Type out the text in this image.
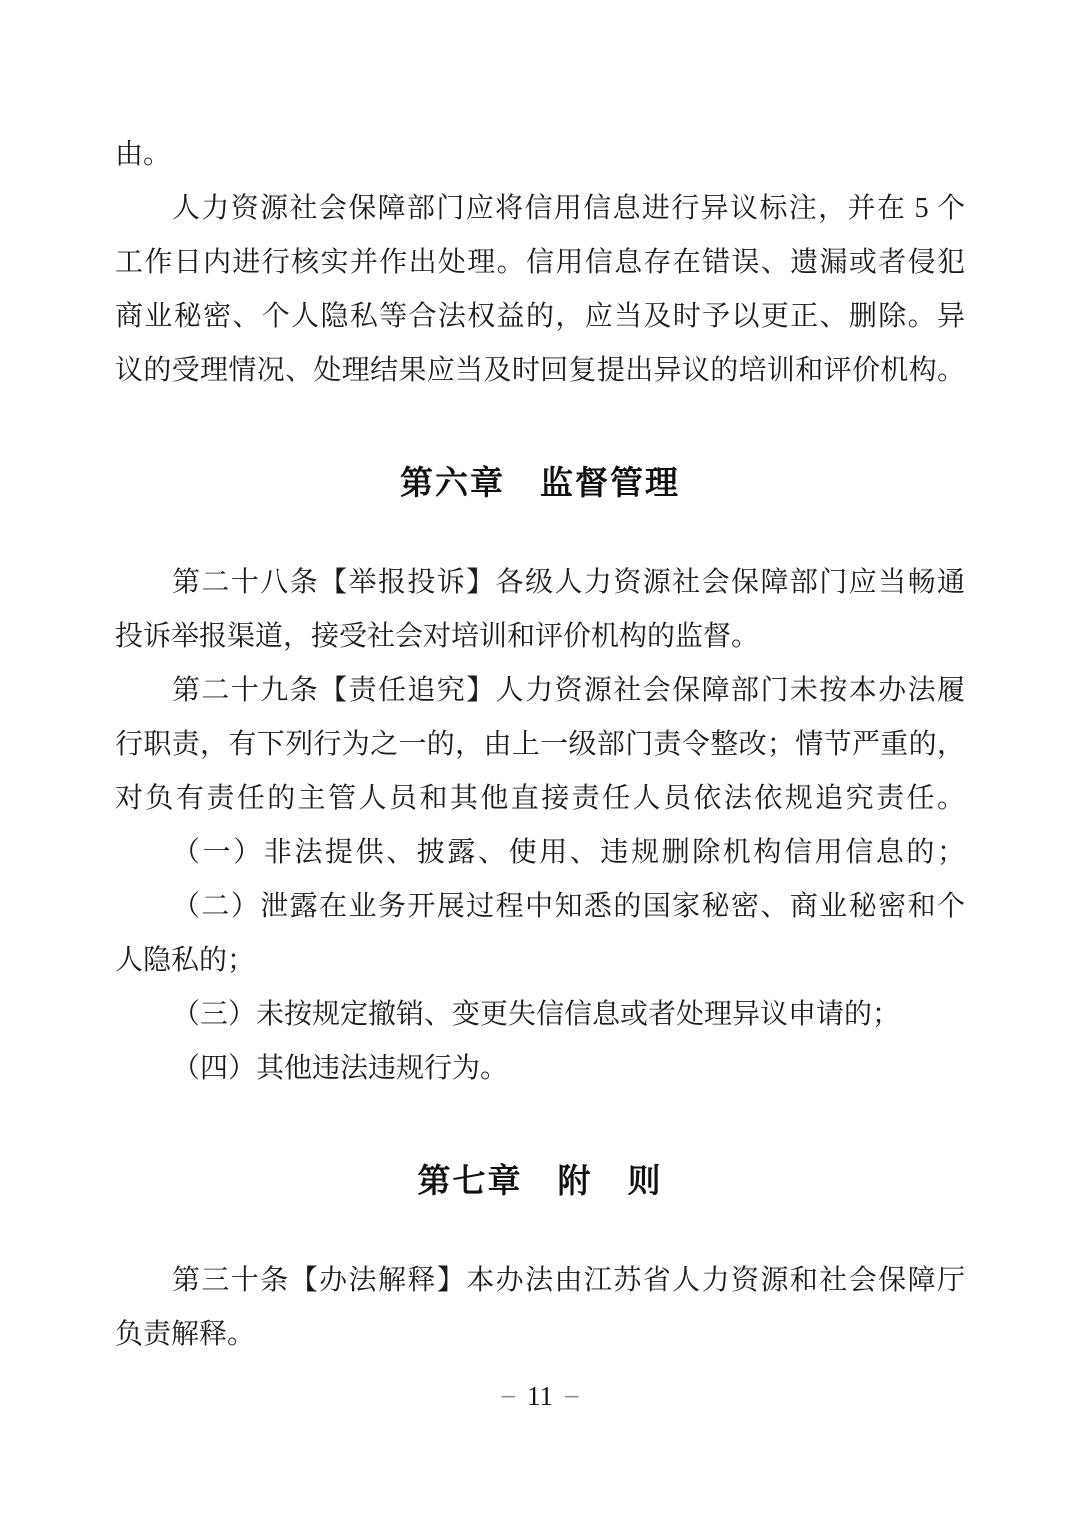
由。
人力资源社会保障部门应将信用信息进行异议标注，并在 5 个
工作日内进行核实并作出处理。信用信息存在错误、遗漏或者侵犯
商业秘密、个人隐私等合法权益的，应当及时予以更正、删除。异
议的受理情况、处理结果应当及时回复提出异议的培训和评价机构。
第六章　监督管理
第二十八条【举报投诉】各级人力资源社会保障部门应当畅通
投诉举报渠道，接受社会对培训和评价机构的监督。
第二十九条【责任追究】人力资源社会保障部门未按本办法履
行职责，有下列行为之一的，由上一级部门责令整改；情节严重的，
对负有责任的主管人员和其他直接责任人员依法依规追究责任。
（一）非法提供、披露、使用、违规删除机构信用信息的；
（二）泄露在业务开展过程中知悉的国家秘密、商业秘密和个
人隐私的；
（三）未按规定撤销、变更失信信息或者处理异议申请的；
（四）其他违法违规行为。
第七章　附　则
第三十条【办法解释】本办法由江苏省人力资源和社会保障厅
负责解释。
– 11 –
